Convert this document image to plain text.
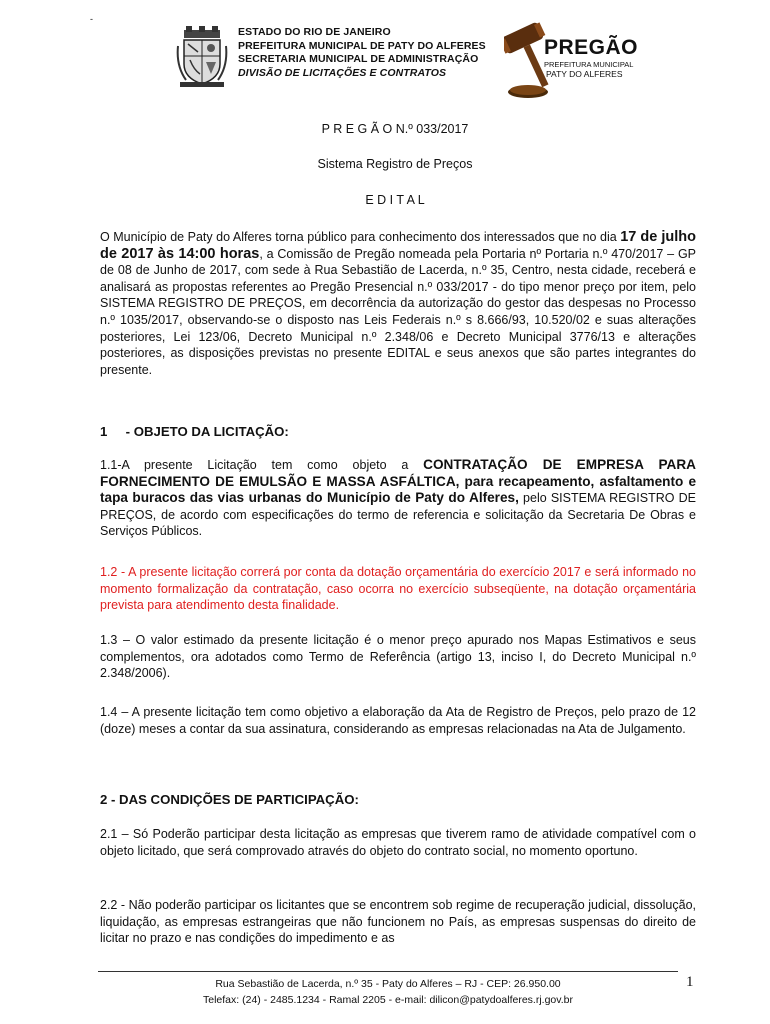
-
ESTADO DO RIO DE JANEIRO
PREFEITURA MUNICIPAL DE PATY DO ALFERES
SECRETARIA MUNICIPAL DE ADMINISTRAÇÃO
DIVISÃO DE LICITAÇÕES E CONTRATOS
PREGÃO
PREFEITURA MUNICIPAL
PATY DO ALFERES
P R E G Ã O N.º 033/2017
Sistema Registro de Preços
E D I T A L
O Município de Paty do Alferes torna público para conhecimento dos interessados que no dia 17 de julho de 2017 às 14:00 horas, a Comissão de Pregão nomeada pela Portaria nº Portaria n.º 470/2017 – GP de 08 de Junho de 2017, com sede à Rua Sebastião de Lacerda, n.º 35, Centro, nesta cidade, receberá e analisará as propostas referentes ao Pregão Presencial n.º 033/2017 - do tipo menor preço por item, pelo SISTEMA REGISTRO DE PREÇOS, em decorrência da autorização do gestor das despesas no Processo n.º 1035/2017, observando-se o disposto nas Leis Federais n.º s 8.666/93, 10.520/02 e suas alterações posteriores, Lei 123/06, Decreto Municipal n.º 2.348/06 e Decreto Municipal 3776/13 e alterações posteriores, as disposições previstas no presente EDITAL e seus anexos que são partes integrantes do presente.
1     - OBJETO DA LICITAÇÃO:
1.1-A presente Licitação tem como objeto a CONTRATAÇÃO DE EMPRESA PARA FORNECIMENTO DE EMULSÃO E MASSA ASFÁLTICA, para recapeamento, asfaltamento e tapa buracos das vias urbanas do Município de Paty do Alferes, pelo SISTEMA REGISTRO DE PREÇOS, de acordo com especificações do termo de referencia e solicitação da Secretaria De Obras e Serviços Públicos.
1.2 - A presente licitação correrá por conta da dotação orçamentária do exercício 2017 e será informado no momento formalização da contratação, caso ocorra no exercício subseqüente, na dotação orçamentária prevista para atendimento desta finalidade.
1.3 – O valor estimado da presente licitação é o menor preço apurado nos Mapas Estimativos e seus complementos, ora adotados como Termo de Referência (artigo 13, inciso I, do Decreto Municipal n.º 2.348/2006).
1.4 – A presente licitação tem como objetivo a elaboração da Ata de Registro de Preços, pelo prazo de 12 (doze) meses a contar da sua assinatura, considerando as empresas relacionadas na Ata de Julgamento.
2 - DAS CONDIÇÕES DE PARTICIPAÇÃO:
2.1 – Só Poderão participar desta licitação as empresas que tiverem ramo de atividade compatível com o objeto licitado, que será comprovado através do objeto do contrato social, no momento oportuno.
2.2 - Não poderão participar os licitantes que se encontrem sob regime de recuperação judicial, dissolução, liquidação, as empresas estrangeiras que não funcionem no País, as empresas suspensas do direito de licitar no prazo e nas condições do impedimento e as
Rua Sebastião de Lacerda, n.º 35 - Paty do Alferes – RJ - CEP: 26.950.00
Telefax: (24) - 2485.1234 - Ramal 2205 - e-mail: dilicon@patydoalferes.rj.gov.br
1
